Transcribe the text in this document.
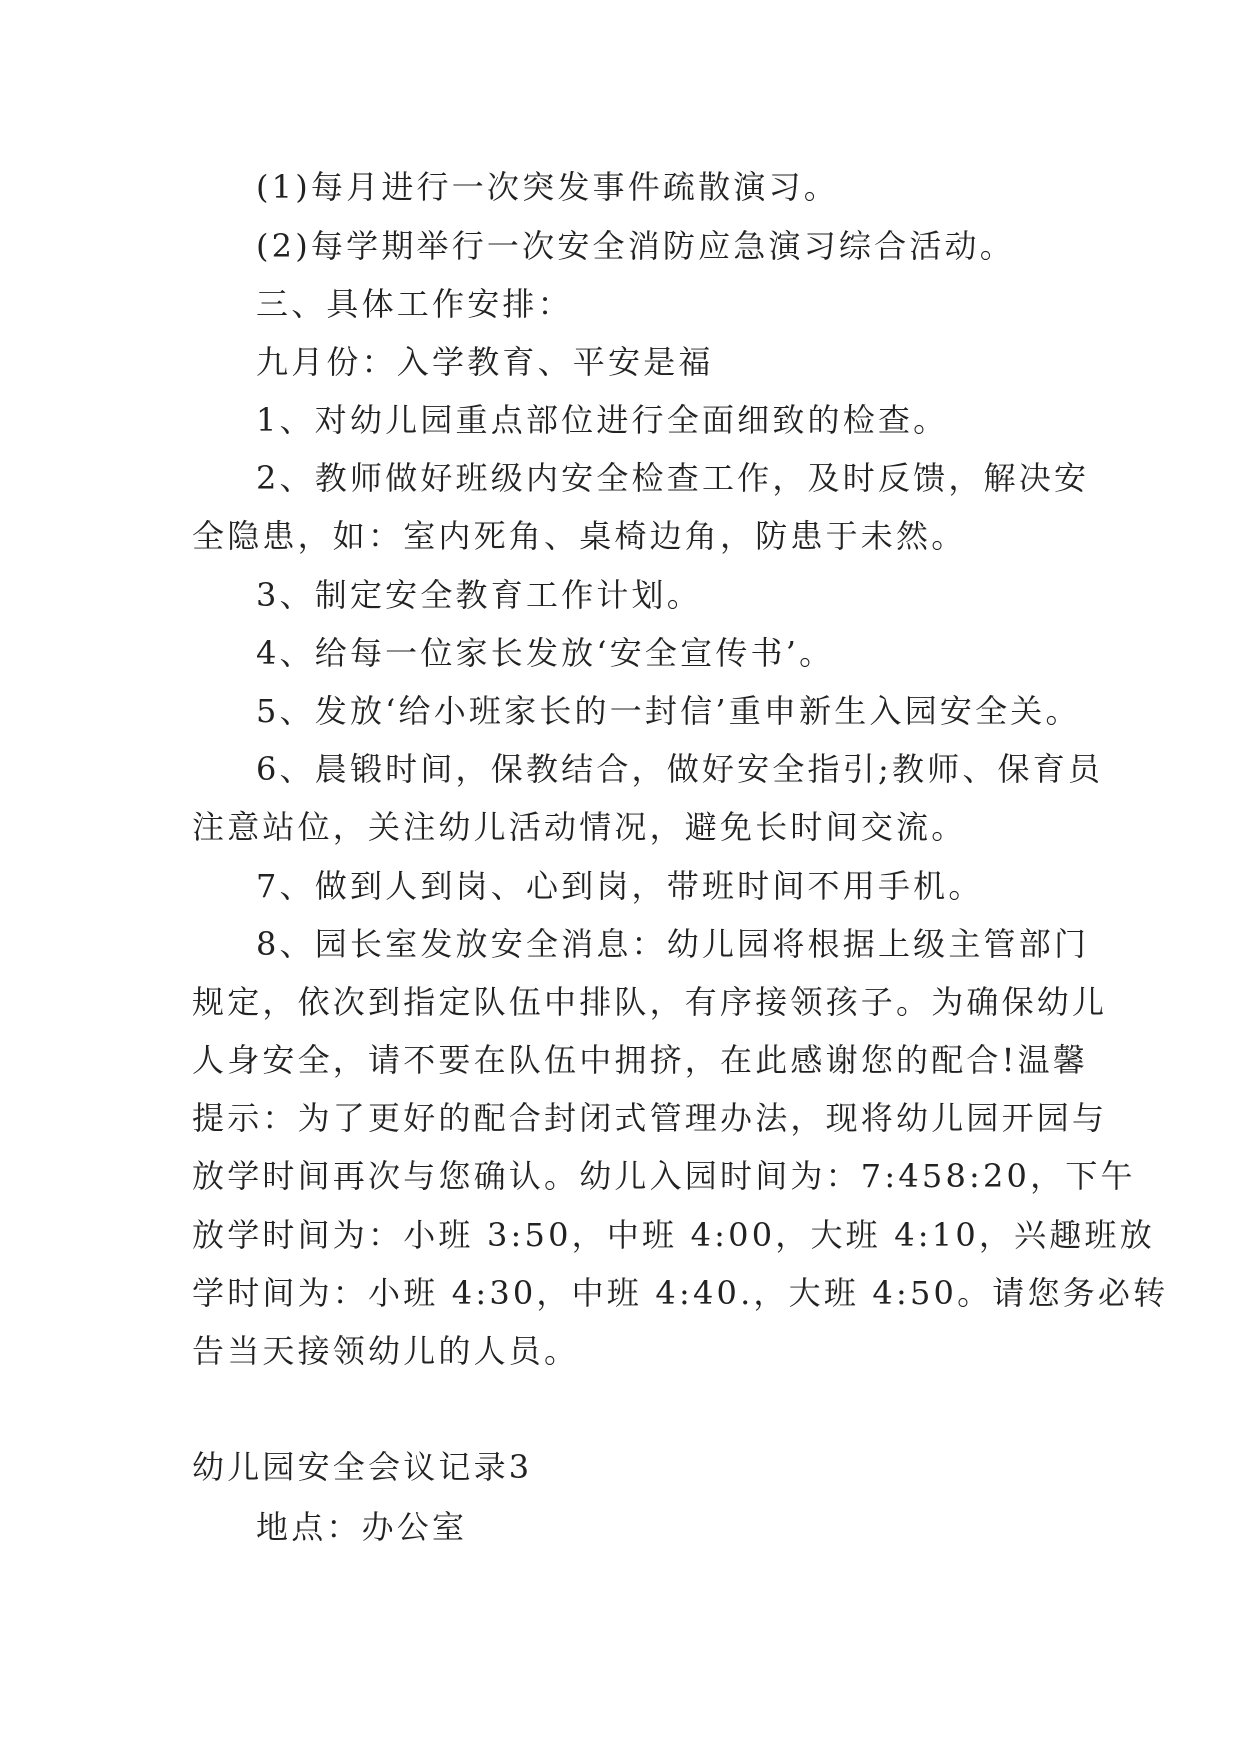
(1)每月进行一次突发事件疏散演习。
(2)每学期举行一次安全消防应急演习综合活动。
三、具体工作安排：
九月份：入学教育、平安是福
1、对幼儿园重点部位进行全面细致的检查。
2、教师做好班级内安全检查工作，及时反馈，解决安
全隐患，如：室内死角、桌椅边角，防患于未然。
3、制定安全教育工作计划。
4、给每一位家长发放‘安全宣传书’。
5、发放‘给小班家长的一封信’重申新生入园安全关。
6、晨锻时间，保教结合，做好安全指引;教师、保育员
注意站位，关注幼儿活动情况，避免长时间交流。
7、做到人到岗、心到岗，带班时间不用手机。
8、园长室发放安全消息：幼儿园将根据上级主管部门
规定，依次到指定队伍中排队，有序接领孩子。为确保幼儿
人身安全，请不要在队伍中拥挤，在此感谢您的配合!温馨
提示：为了更好的配合封闭式管理办法，现将幼儿园开园与
放学时间再次与您确认。幼儿入园时间为：7:458:20，下午
放学时间为：小班 3:50，中班 4:00，大班 4:10，兴趣班放
学时间为：小班 4:30，中班 4:40.，大班 4:50。请您务必转
告当天接领幼儿的人员。
幼儿园安全会议记录3
地点：办公室
